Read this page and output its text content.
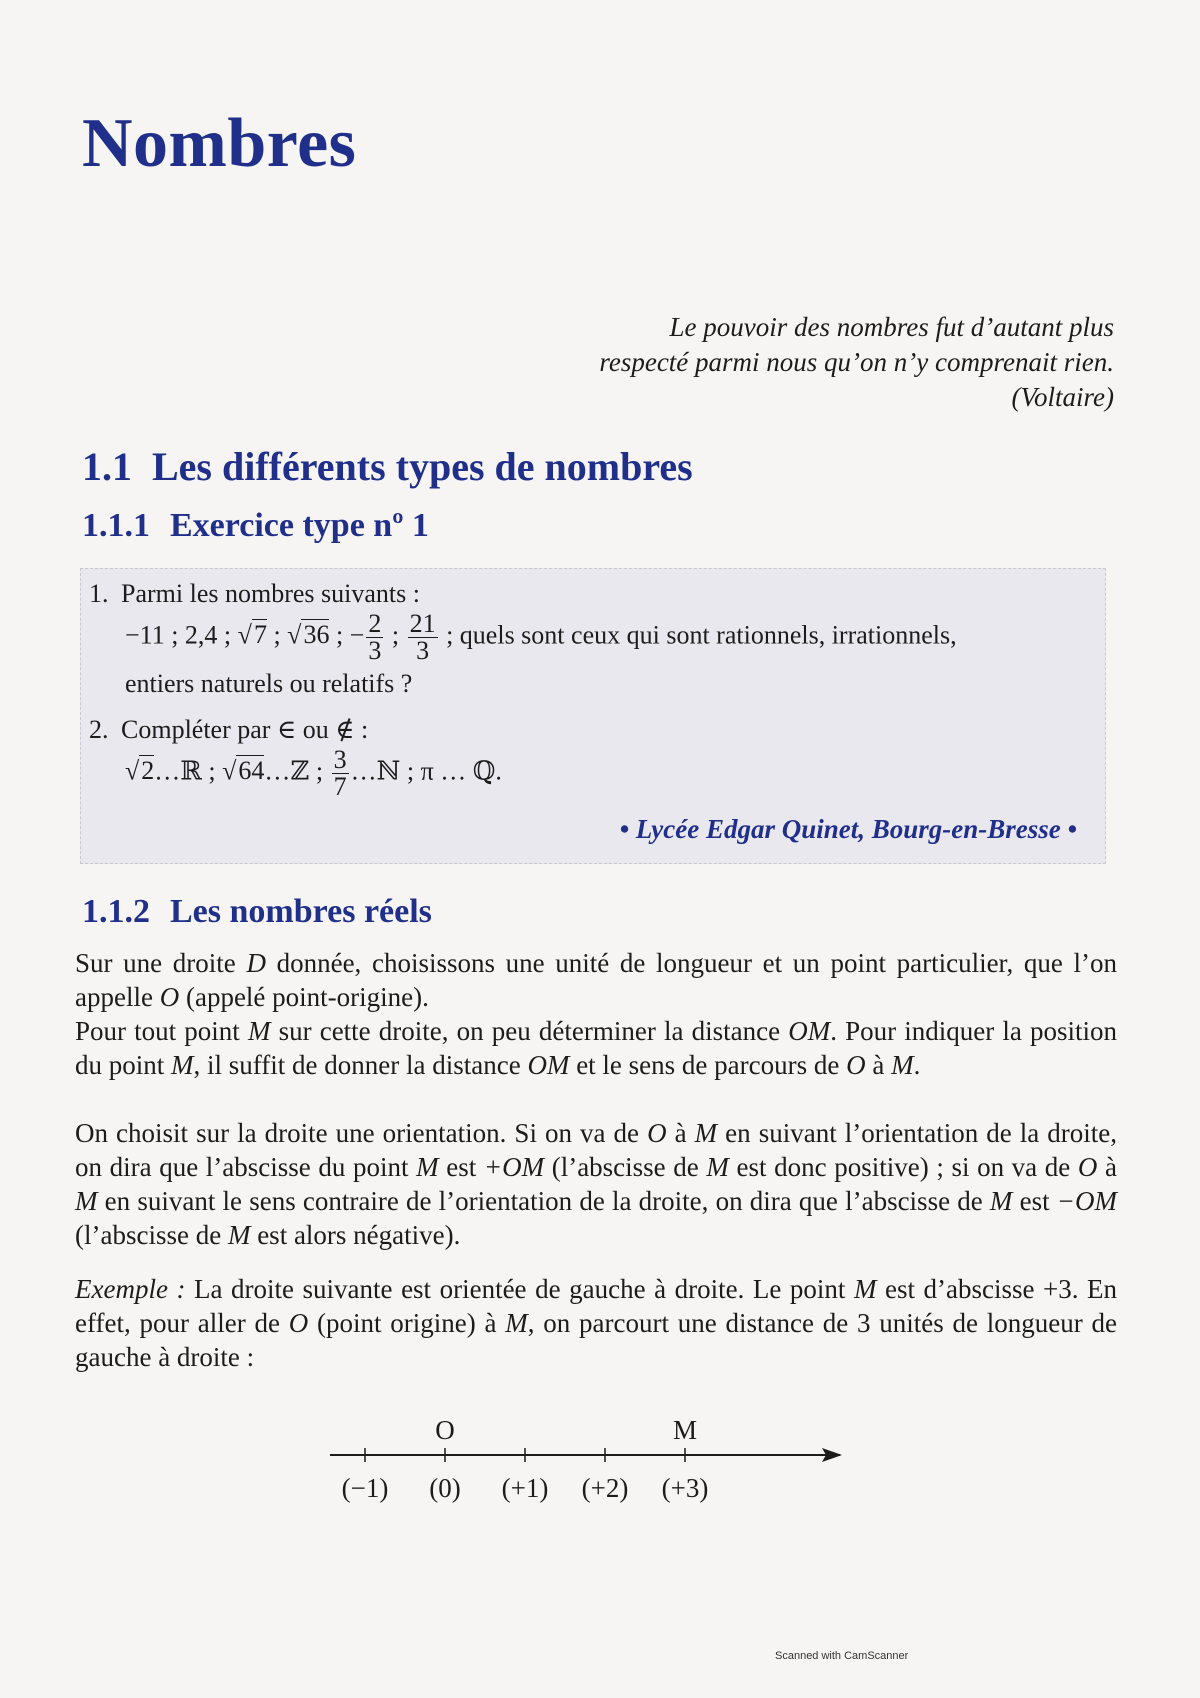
Nombres
Le pouvoir des nombres fut d’autant plus
respecté parmi nous qu’on n’y comprenait rien.
(Voltaire)
1.1 Les différents types de nombres
1.1.1 Exercice type nº 1
1. Parmi les nombres suivants :
−11 ; 2,4 ; √7 ; √36 ; − $\frac{2}{3}$ ; $\frac{21}{3}$ ; quels sont ceux qui sont rationnels, irrationnels,
entiers naturels ou relatifs ?
2. Compléter par ∈ ou ∉ :
√2…ℝ ; √64…ℤ ; $\frac{3}{7}$ …ℕ ; π … ℚ.
• Lycée Edgar Quinet, Bourg-en-Bresse •
1.1.2 Les nombres réels

Sur une droite D donnée, choisissons une unité de longueur et un point particulier, que l’on appelle O (appelé point-origine).

Pour tout point M sur cette droite, on peu déterminer la distance OM. Pour indiquer la position du point M, il suffit de donner la distance OM et le sens de parcours de O à M.

On choisit sur la droite une orientation. Si on va de O à M en suivant l’orientation de la droite, on dira que l’abscisse du point M est +OM (l’abscisse de M est donc positive) ; si on va de O à M en suivant le sens contraire de l’orientation de la droite, on dira que l’abscisse de M est −OM (l’abscisse de M est alors négative).

Exemple : La droite suivante est orientée de gauche à droite. Le point M est d’abscisse +3. En effet, pour aller de O (point origine) à M, on parcourt une distance de 3 unités de longueur de gauche à droite :

(−1) (0) (+1) (+2) (+3)
O	M
Scanned with CamScanner
